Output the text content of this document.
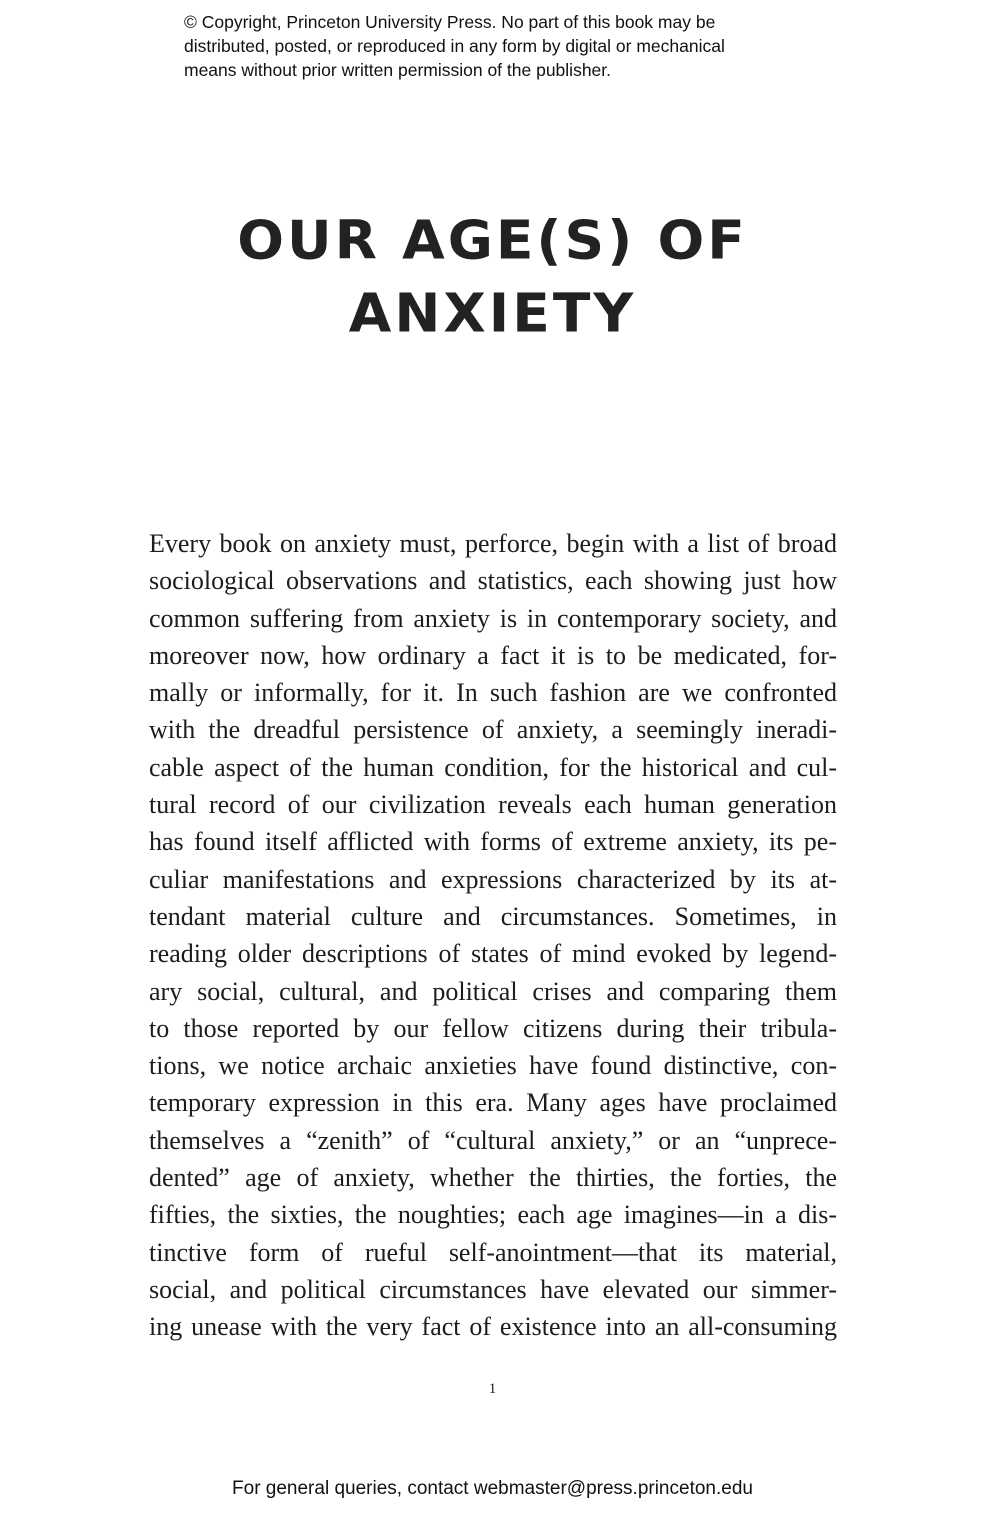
© Copyright, Princeton University Press. No part of this book may be
distributed, posted, or reproduced in any form by digital or mechanical
means without prior written permission of the publisher.
OUR AGE(S) OF
ANXIETY
Every book on anxiety must, perforce, begin with a list of broad
sociological observations and statistics, each showing just how
common suffering from anxiety is in contemporary society, and
moreover now, how ordinary a fact it is to be medicated, for-
mally or informally, for it. In such fashion are we confronted
with the dreadful persistence of anxiety, a seemingly ineradi-
cable aspect of the human condition, for the historical and cul-
tural record of our civilization reveals each human generation
has found itself afflicted with forms of extreme anxiety, its pe-
culiar manifestations and expressions characterized by its at-
tendant material culture and circumstances. Sometimes, in
reading older descriptions of states of mind evoked by legend-
ary social, cultural, and political crises and comparing them
to those reported by our fellow citizens during their tribula-
tions, we notice archaic anxieties have found distinctive, con-
temporary expression in this era. Many ages have proclaimed
themselves a “zenith” of “cultural anxiety,” or an “unprece-
dented” age of anxiety, whether the thirties, the forties, the
fifties, the sixties, the noughties; each age imagines—in a dis-
tinctive form of rueful self-anointment—that its material,
social, and political circumstances have elevated our simmer-
ing unease with the very fact of existence into an all-consuming
1
For general queries, contact webmaster@press.princeton.edu
